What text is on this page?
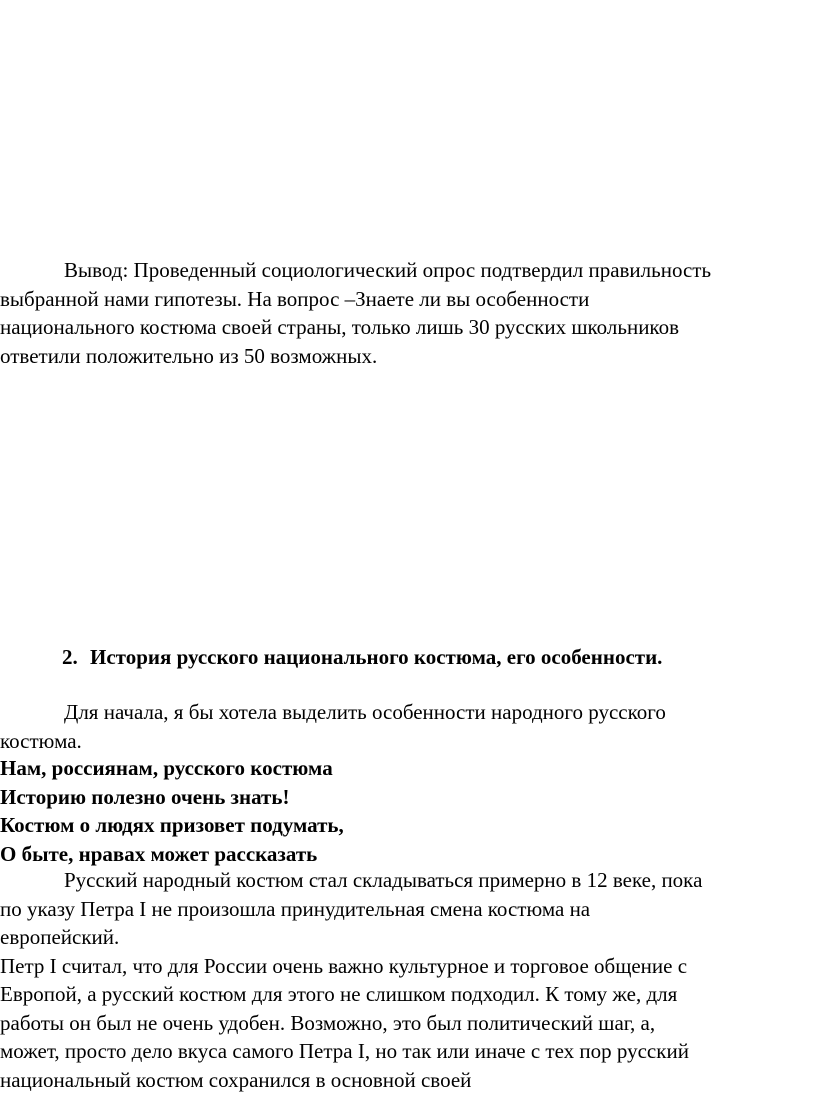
Вывод: Проведенный социологический опрос подтвердил правильность
выбранной нами гипотезы. На вопрос –Знаете ли вы особенности
национального костюма своей страны, только лишь 30 русских школьников
ответили положительно из 50 возможных.
2. История русского национального костюма, его особенности.
Для начала, я бы хотела выделить особенности народного русского
костюма.
Нам, россиянам, русского костюма
Историю полезно очень знать!
Костюм о людях призовет подумать,
О быте, нравах может рассказать
Русский народный костюм стал складываться примерно в 12 веке, пока
по указу Петра I не произошла принудительная смена костюма на
европейский.
Петр I считал, что для России очень важно культурное и торговое общение с
Европой, а русский костюм для этого не слишком подходил. К тому же, для
работы он был не очень удобен. Возможно, это был политический шаг, а,
может, просто дело вкуса самого Петра I, но так или иначе с тех пор русский
национальный костюм сохранился в основной своей
